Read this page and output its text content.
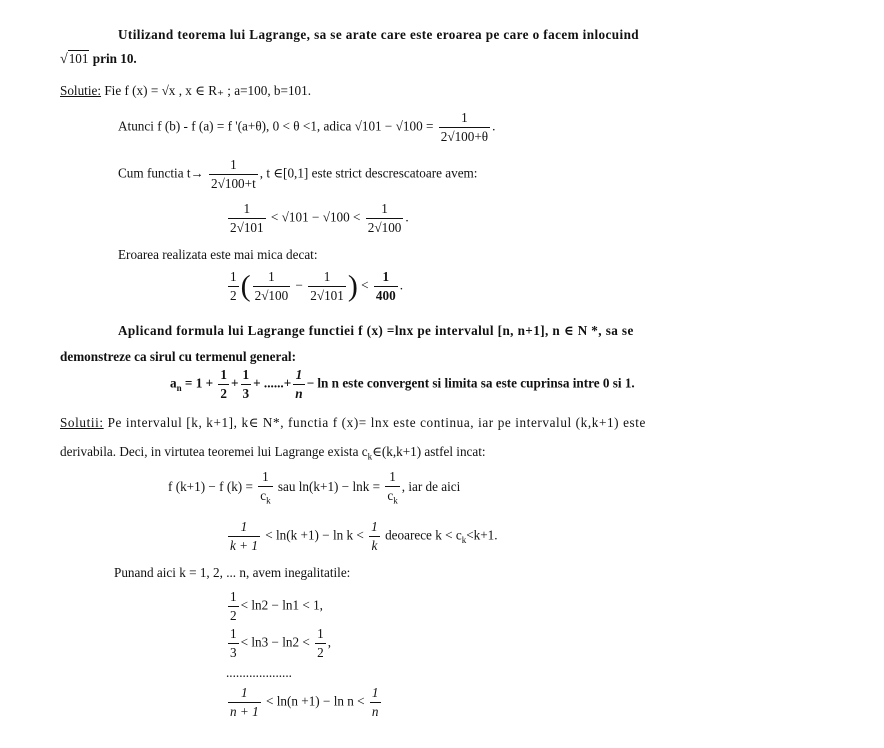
Utilizand teorema lui Lagrange, sa se arate care este eroarea pe care o facem inlocuind
√101 prin 10.
Solutie: Fie f (x) = √x , x ∈ R₊ ; a=100, b=101.
Atunci f (b) - f (a) = f '(a+θ), 0 < θ <1, adica $√101 - √100 = \frac{1}{2√100+\theta}$ .
Cum functia $t\to \frac{1}{2√100+t}$ , t ∈[0,1] este strict descrescatoare avem:
$\frac{1}{2√101} < √101 - √100 < \frac{1}{2√100}$ .
Eroarea realizata este mai mica decat:
$\frac{1}{2}$ ( $\frac{1}{2√100} - \frac{1}{2√101}$ ) < $\frac{1}{400}$ .
Aplicand formula lui Lagrange functiei f (x) =lnx pe intervalul [n, n+1], n ∈ N *, sa se
demonstreze ca sirul cu termenul general:
$a_n = 1 + \frac{1}{2} + \frac{1}{3}$ + ......+ $\frac{1}{n} - \ln n$ este convergent si limita sa este cuprinsa intre 0 si 1.
Solutii: Pe intervalul [k, k+1], k∈ N*, functia f (x)= lnx este continua, iar pe intervalul (k,k+1) este
derivabila. Deci, in virtutea teoremei lui Lagrange exista $c_k\in(k,k+1)$ astfel incat:
f (k+1) − f $(k) = \frac{1}{c_k}$ sau $\ln(k+1) - \ln k = \frac{1}{c_k}$ , iar de aici
$\frac{1}{k + 1} < \ln(k +1) - \ln k < \frac{1}{k}$ deoarece $k < c_k<k+1$.
Punand aici k = 1, 2, ... n, avem inegalitatile:
$\frac{1}{2} < \ln 2 - \ln 1 < 1$,
$\frac{1}{3} < \ln 3 - \ln 2 < \frac{1}{2}$ ,
....................
$\frac{1}{n + 1} < \ln(n +1) - \ln n < \frac{1}{n}$
